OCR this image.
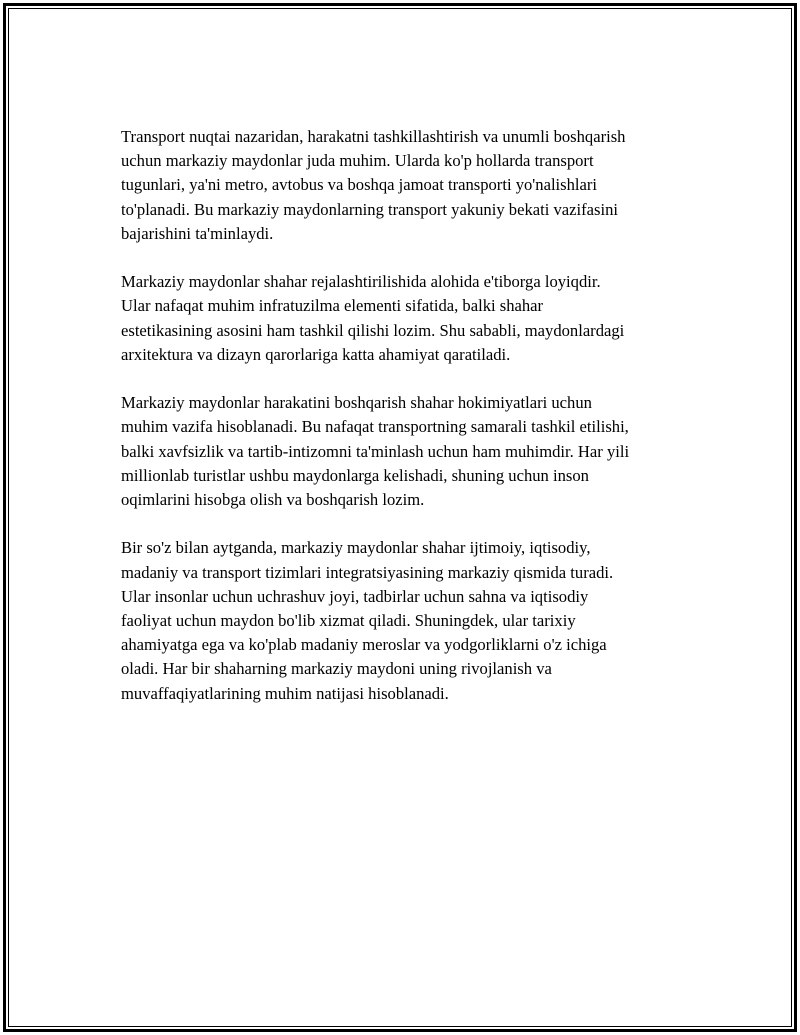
Transport nuqtai nazaridan, harakatni tashkillashtirish va unumli boshqarish
uchun markaziy maydonlar juda muhim. Ularda ko'p hollarda transport
tugunlari, ya'ni metro, avtobus va boshqa jamoat transporti yo'nalishlari
to'planadi. Bu markaziy maydonlarning transport yakuniy bekati vazifasini
bajarishini ta'minlaydi.

Markaziy maydonlar shahar rejalashtirilishida alohida e'tiborga loyiqdir.
Ular nafaqat muhim infratuzilma elementi sifatida, balki shahar
estetikasining asosini ham tashkil qilishi lozim. Shu sababli, maydonlardagi
arxitektura va dizayn qarorlariga katta ahamiyat qaratiladi.

Markaziy maydonlar harakatini boshqarish shahar hokimiyatlari uchun
muhim vazifa hisoblanadi. Bu nafaqat transportning samarali tashkil etilishi,
balki xavfsizlik va tartib-intizomni ta'minlash uchun ham muhimdir. Har yili
millionlab turistlar ushbu maydonlarga kelishadi, shuning uchun inson
oqimlarini hisobga olish va boshqarish lozim.

Bir so'z bilan aytganda, markaziy maydonlar shahar ijtimoiy, iqtisodiy,
madaniy va transport tizimlari integratsiyasining markaziy qismida turadi.
Ular insonlar uchun uchrashuv joyi, tadbirlar uchun sahna va iqtisodiy
faoliyat uchun maydon bo'lib xizmat qiladi. Shuningdek, ular tarixiy
ahamiyatga ega va ko'plab madaniy meroslar va yodgorliklarni o'z ichiga
oladi. Har bir shaharning markaziy maydoni uning rivojlanish va
muvaffaqiyatlarining muhim natijasi hisoblanadi.
